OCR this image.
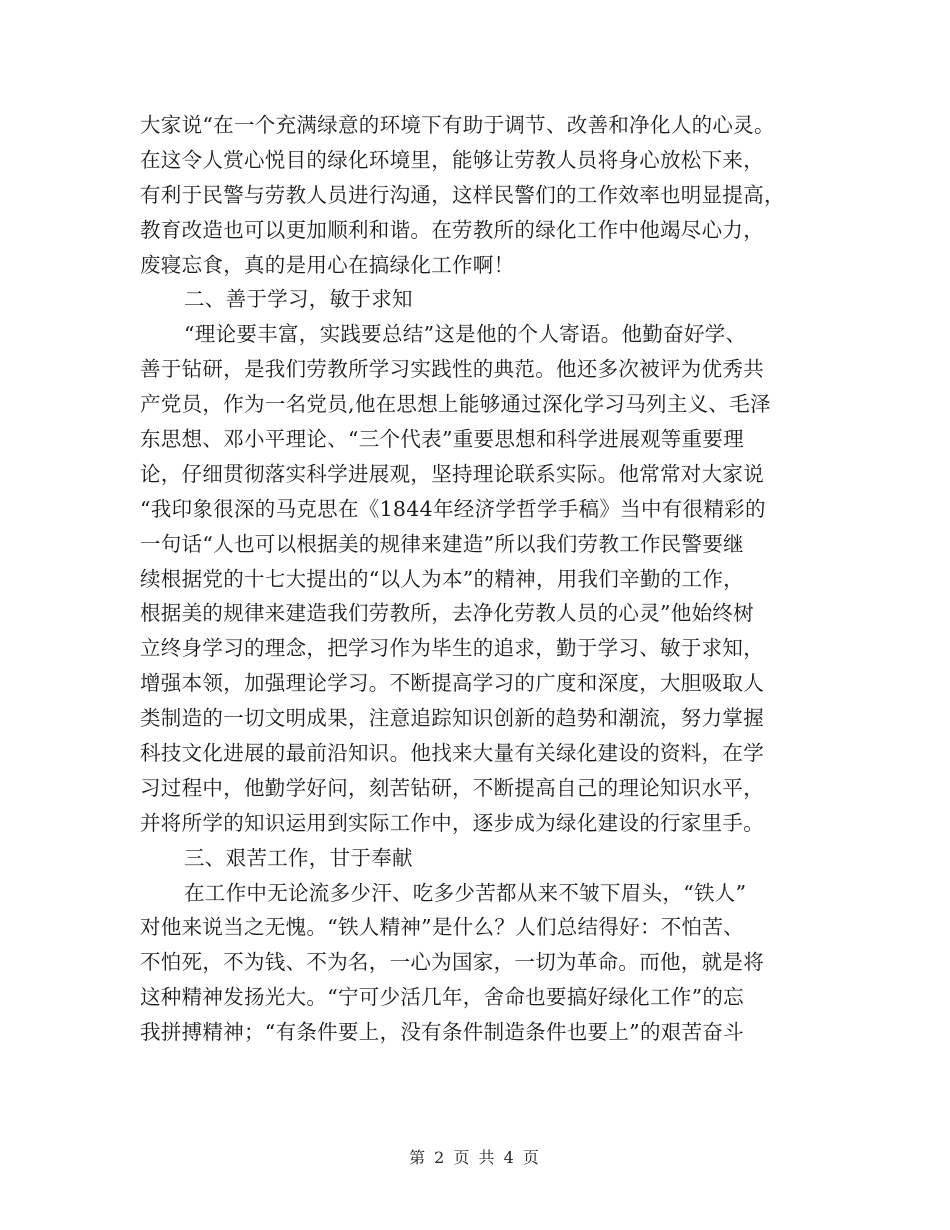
大家说“在一个充满绿意的环境下有助于调节、改善和净化人的心灵。
在这令人赏心悦目的绿化环境里，能够让劳教人员将身心放松下来，
有利于民警与劳教人员进行沟通，这样民警们的工作效率也明显提高，
教育改造也可以更加顺利和谐。在劳教所的绿化工作中他竭尽心力，
废寝忘食，真的是用心在搞绿化工作啊！
二、善于学习，敏于求知
“理论要丰富，实践要总结”这是他的个人寄语。他勤奋好学、
善于钻研，是我们劳教所学习实践性的典范。他还多次被评为优秀共
产党员，作为一名党员,他在思想上能够通过深化学习马列主义、毛泽
东思想、邓小平理论、“三个代表”重要思想和科学进展观等重要理
论，仔细贯彻落实科学进展观，坚持理论联系实际。他常常对大家说
“我印象很深的马克思在《1844年经济学哲学手稿》当中有很精彩的
一句话“人也可以根据美的规律来建造”所以我们劳教工作民警要继
续根据党的十七大提出的“以人为本”的精神，用我们辛勤的工作，
根据美的规律来建造我们劳教所，去净化劳教人员的心灵”他始终树
立终身学习的理念，把学习作为毕生的追求，勤于学习、敏于求知，
增强本领，加强理论学习。不断提高学习的广度和深度，大胆吸取人
类制造的一切文明成果，注意追踪知识创新的趋势和潮流，努力掌握
科技文化进展的最前沿知识。他找来大量有关绿化建设的资料，在学
习过程中，他勤学好问，刻苦钻研，不断提高自己的理论知识水平，
并将所学的知识运用到实际工作中，逐步成为绿化建设的行家里手。
三、艰苦工作，甘于奉献
在工作中无论流多少汗、吃多少苦都从来不皱下眉头，“铁人”
对他来说当之无愧。“铁人精神”是什么？人们总结得好：不怕苦、
不怕死，不为钱、不为名，一心为国家，一切为革命。而他，就是将
这种精神发扬光大。“宁可少活几年，舍命也要搞好绿化工作”的忘
我拼搏精神；“有条件要上，没有条件制造条件也要上”的艰苦奋斗
第 2 页 共 4 页
